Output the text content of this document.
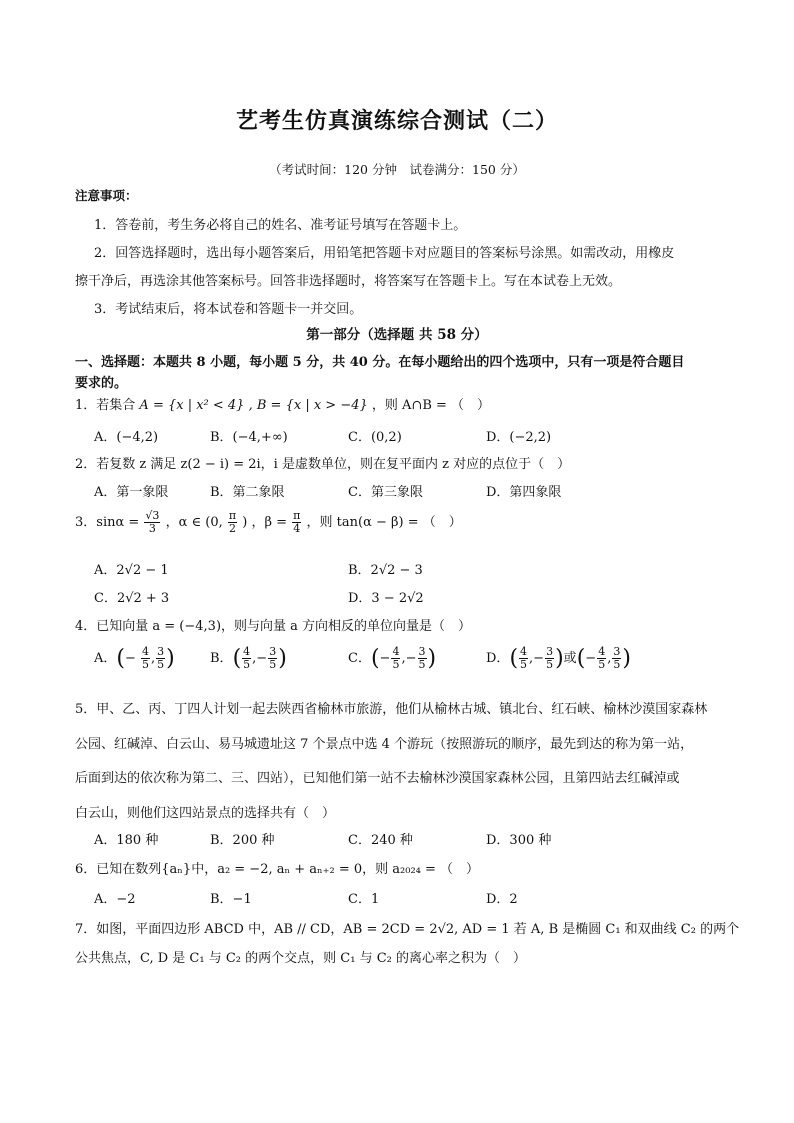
艺考生仿真演练综合测试（二）
（考试时间：120 分钟　试卷满分：150 分）
注意事项：
1．答卷前，考生务必将自己的姓名、准考证号填写在答题卡上。
2．回答选择题时，选出每小题答案后，用铅笔把答题卡对应题目的答案标号涂黑。如需改动，用橡皮
擦干净后，再选涂其他答案标号。回答非选择题时，将答案写在答题卡上。写在本试卷上无效。
3．考试结束后，将本试卷和答题卡一并交回。
第一部分（选择题 共 58 分）
一、选择题：本题共 8 小题，每小题 5 分，共 40 分。在每小题给出的四个选项中，只有一项是符合题目
要求的。
1．若集合 A = {x | x² < 4} , B = {x | x > −4} ，则 A∩B = （　）
A．(−4,2)	B．(−4,+∞)	C．(0,2)	D．(−2,2)
2．若复数 z 满足 z(2 − i) = 2i，i 是虚数单位，则在复平面内 z 对应的点位于（　）
A．第一象限	B．第二象限	C．第三象限	D．第四象限
3．$\sin\alpha = \frac{√3}{3}$ ，α ∈ (0, $\frac{\pi}{2}$ ) ，$\beta = \frac{\pi}{4}$ ，则 tan(α − β) = （　）
A．2√2 − 1	B．2√2 − 3
C．2√2 + 3	D．3 − 2√2
4．已知向量 a = (−4,3)，则与向量 a 方向相反的单位向量是（　）
A．(− $\frac{4}{5}$ , $\frac{3}{5}$ )	B．( $\frac{4}{5}$ ,− $\frac{3}{5}$ )	C．(− $\frac{4}{5}$ ,− $\frac{3}{5}$ )	D．( $\frac{4}{5}$ ,− $\frac{3}{5}$ )或(− $\frac{4}{5}$ , $\frac{3}{5}$ )
5．甲、乙、丙、丁四人计划一起去陕西省榆林市旅游，他们从榆林古城、镇北台、红石峡、榆林沙漠国家森林
公园、红碱淖、白云山、易马城遗址这 7 个景点中选 4 个游玩（按照游玩的顺序，最先到达的称为第一站，
后面到达的依次称为第二、三、四站），已知他们第一站不去榆林沙漠国家森林公园，且第四站去红碱淖或
白云山，则他们这四站景点的选择共有（　）
A．180 种	B．200 种	C．240 种	D．300 种
6．已知在数列{aₙ}中，a₂ = −2, aₙ + aₙ₊₂ = 0，则 a₂₀₂₄ = （　）
A．−2	B．−1	C．1	D．2
7．如图，平面四边形 ABCD 中，AB // CD，AB = 2CD = 2√2, AD = 1 若 A, B 是椭圆 C₁ 和双曲线 C₂ 的两个
公共焦点，C, D 是 C₁ 与 C₂ 的两个交点，则 C₁ 与 C₂ 的离心率之积为（　）
